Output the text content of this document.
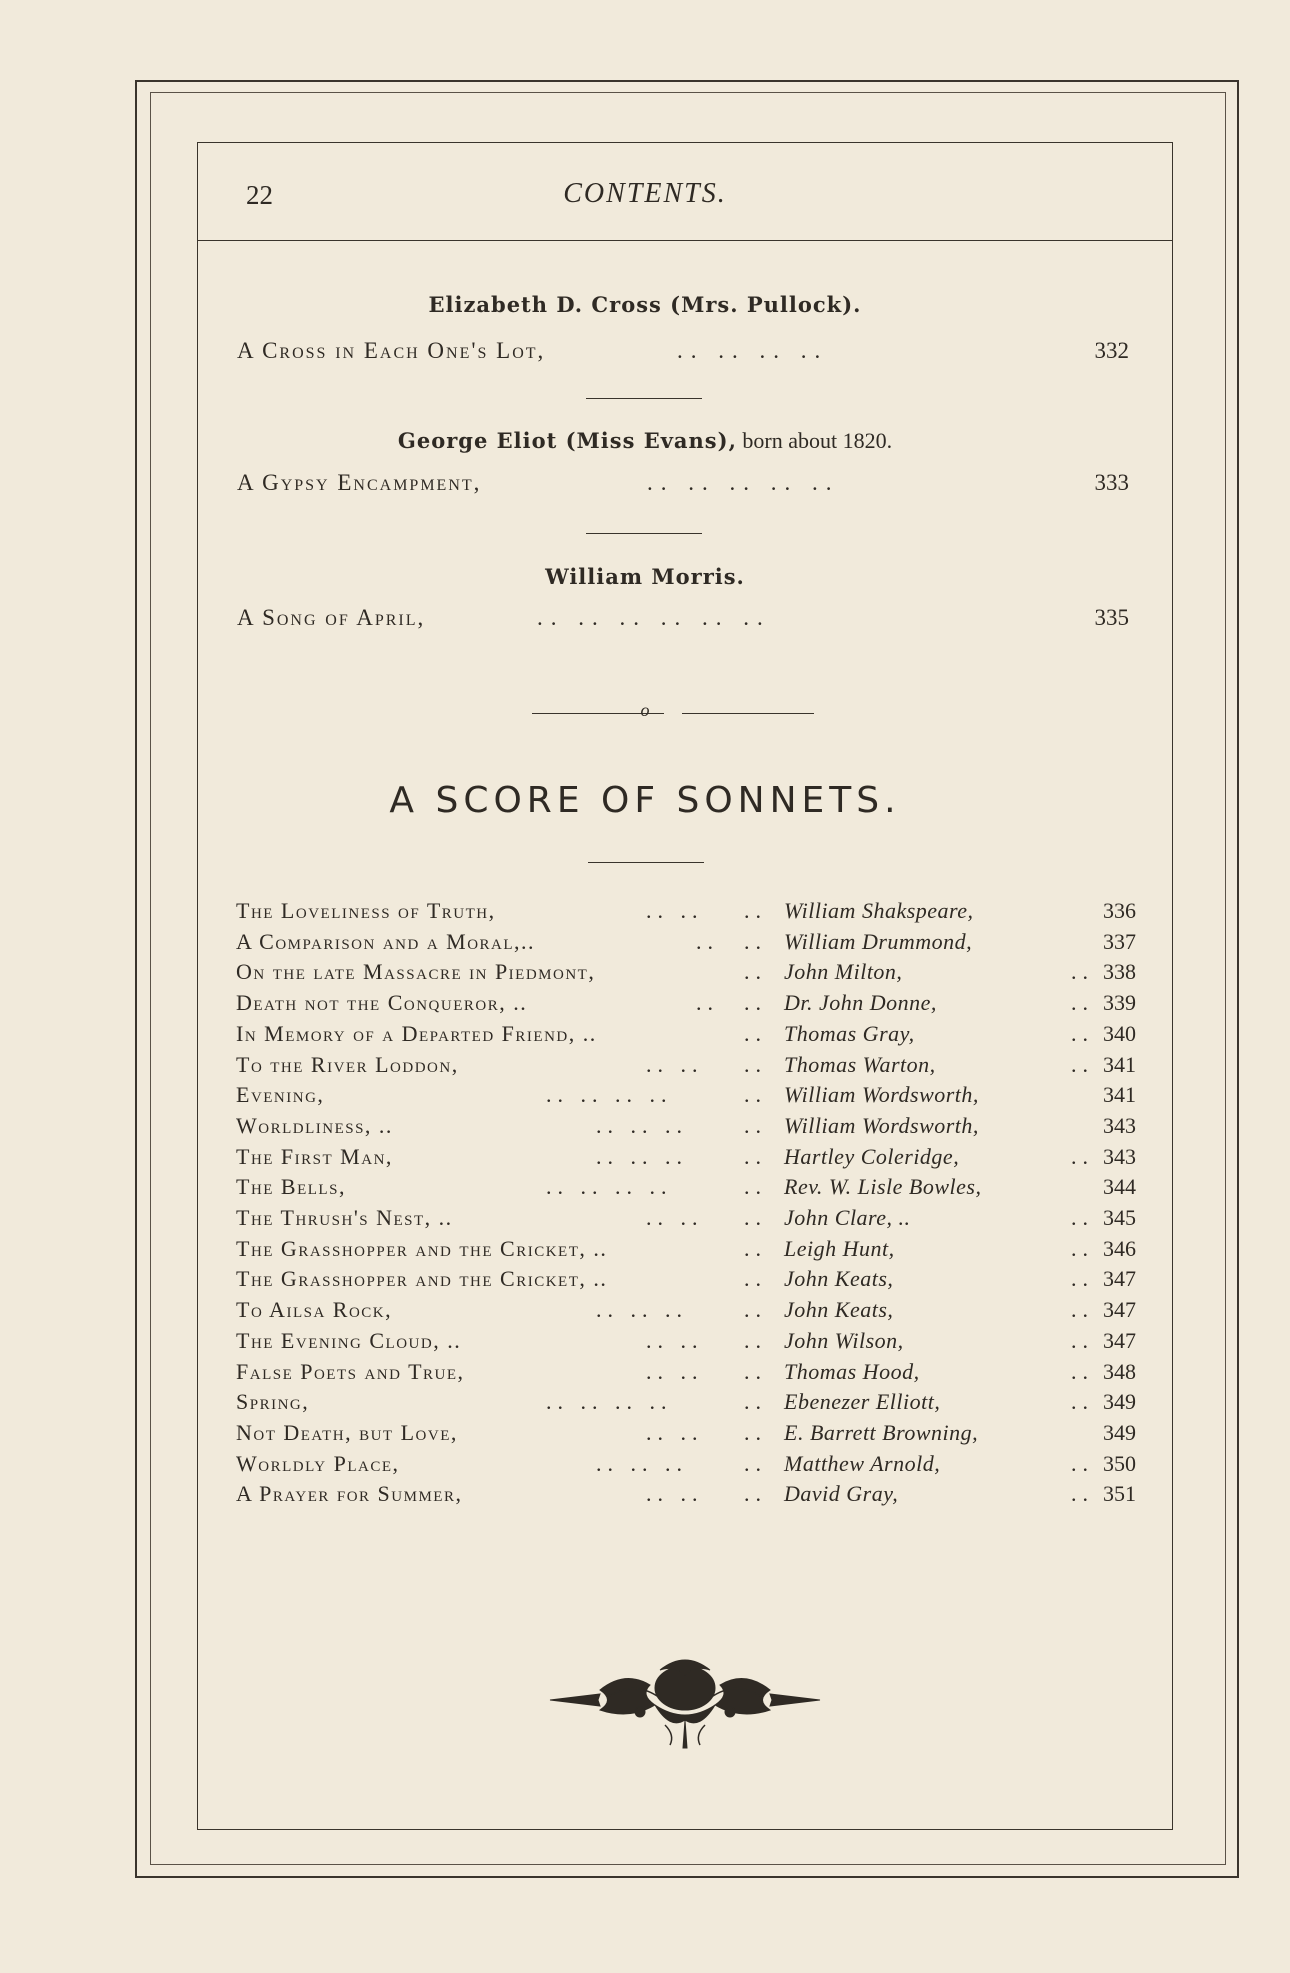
22	CONTENTS.
Elizabeth D. Cross (Mrs. Pullock).
A Cross in Each One's Lot,	.. .. .. ..	332
George Eliot (Miss Evans), born about 1820.
A Gypsy Encampment,	.. .. .. .. ..	333
William Morris.
A Song of April,	.. .. .. .. .. ..	335
o
A SCORE OF SONNETS.
The Loveliness of Truth,	.. .. .. William Shakspeare,	336
A Comparison and a Moral,..	.. .. William Drummond,	337
On the late Massacre in Piedmont,	.. John Milton,	.. 338
Death not the Conqueror, ..	.. .. Dr. John Donne,	.. 339
In Memory of a Departed Friend, ..	.. Thomas Gray,	.. 340
To the River Loddon,	.. .. .. Thomas Warton,	.. 341
Evening,	.. .. .. ..	.. William Wordsworth,	341
Worldliness, ..	.. .. ..	.. William Wordsworth,	343
The First Man,	.. .. ..	.. Hartley Coleridge,	.. 343
The Bells,	.. .. .. ..	.. Rev. W. Lisle Bowles,	344
The Thrush's Nest, ..	.. .. .. John Clare, ..	.. 345
The Grasshopper and the Cricket, ..	.. Leigh Hunt,	.. 346
The Grasshopper and the Cricket, ..	.. John Keats,	.. 347
To Ailsa Rock,	.. .. ..	.. John Keats,	.. 347
The Evening Cloud, ..	.. .. .. John Wilson,	.. 347
False Poets and True,	.. .. .. Thomas Hood,	.. 348
Spring,	.. .. .. ..	.. Ebenezer Elliott,	.. 349
Not Death, but Love,	.. .. .. E. Barrett Browning,	349
Worldly Place,	.. .. ..	.. Matthew Arnold,	.. 350
A Prayer for Summer,	.. .. .. David Gray,	.. 351
